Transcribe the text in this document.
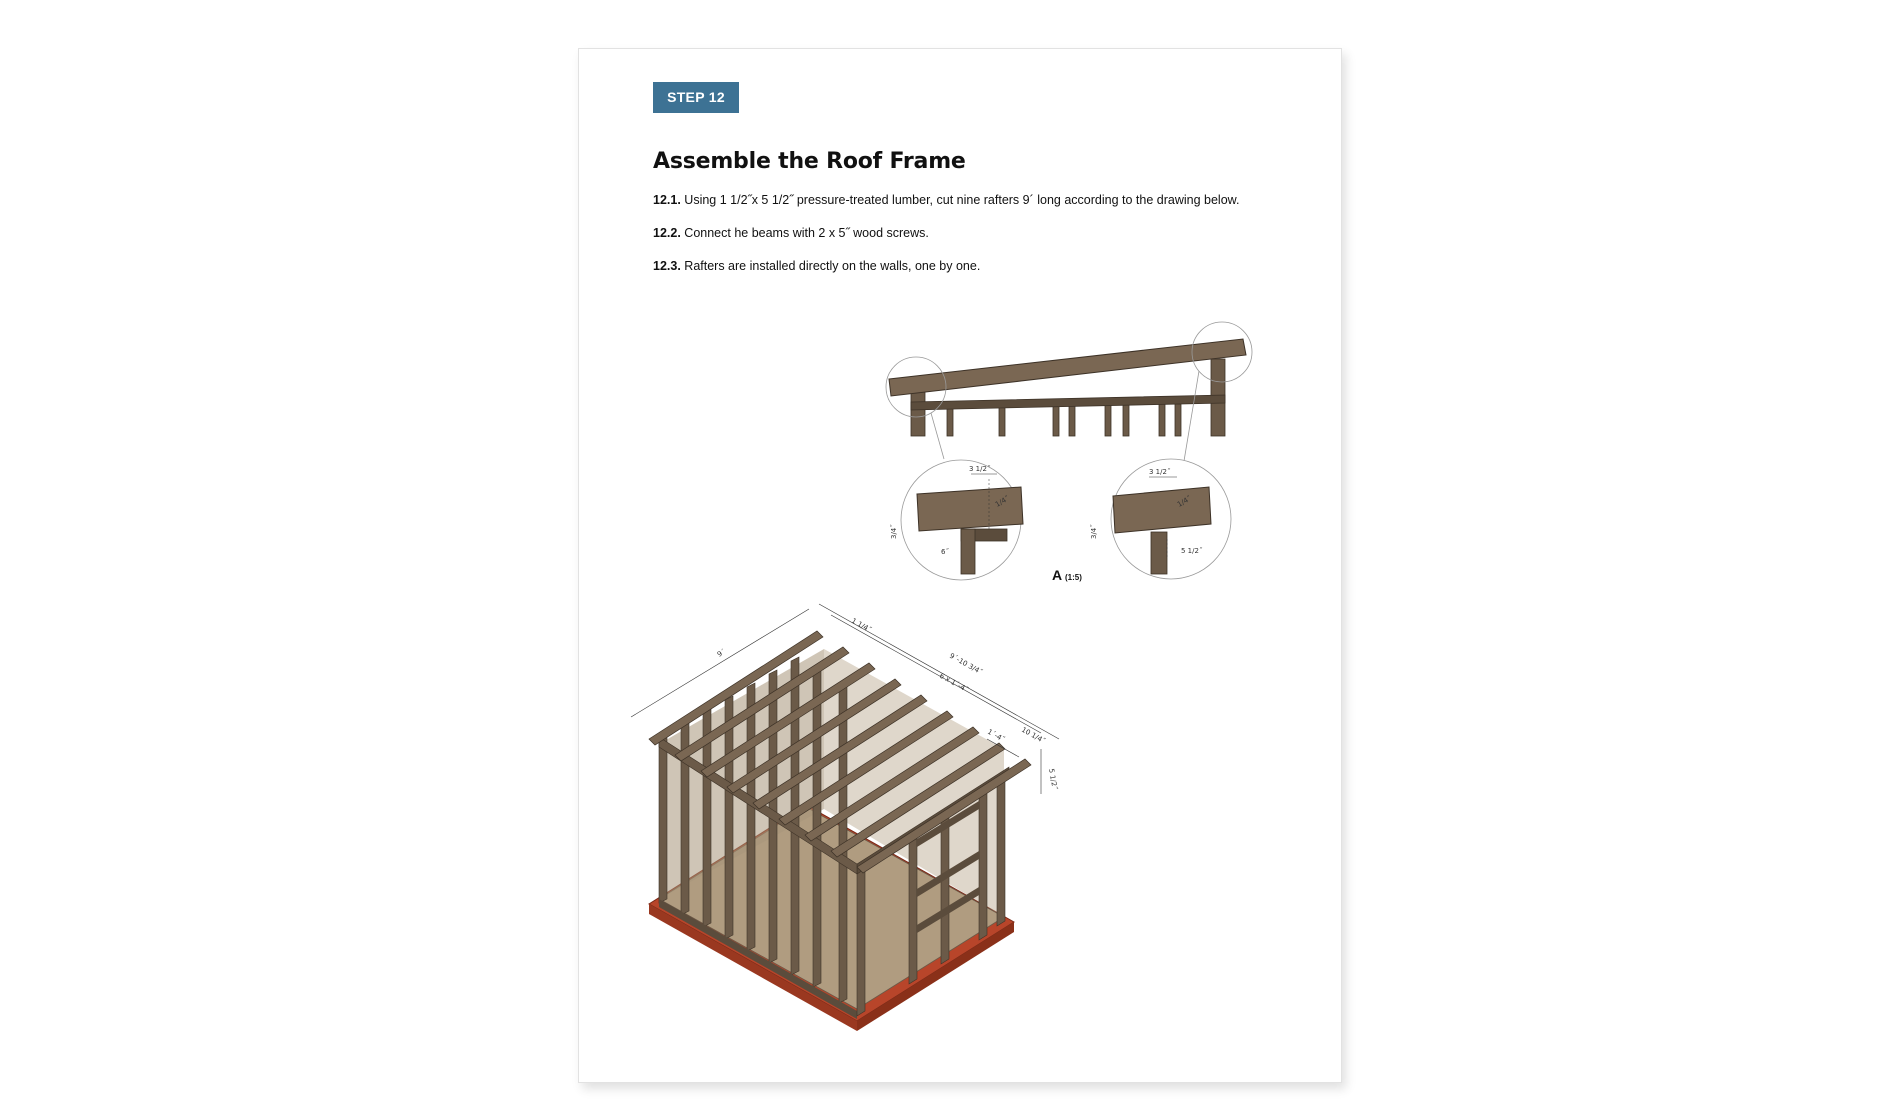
STEP 12
Assemble the Roof Frame
12.1. Using 1 1/2˝x 5 1/2˝ pressure-treated lumber, cut nine rafters 9´ long according to the drawing below.
12.2. Connect he beams with 2 x 5˝ wood screws.
12.3. Rafters are installed directly on the walls, one by one.
3 1/2˝
1/4˝
3/4˝
6˝
3 1/2˝
1/4˝
3/4˝
5 1/2˝
A (1:5)
9´
1 1/4˝
9´-10 3/4˝
6 x 1´-4˝
1´-4˝ 10 1/4˝
5 1/2˝
